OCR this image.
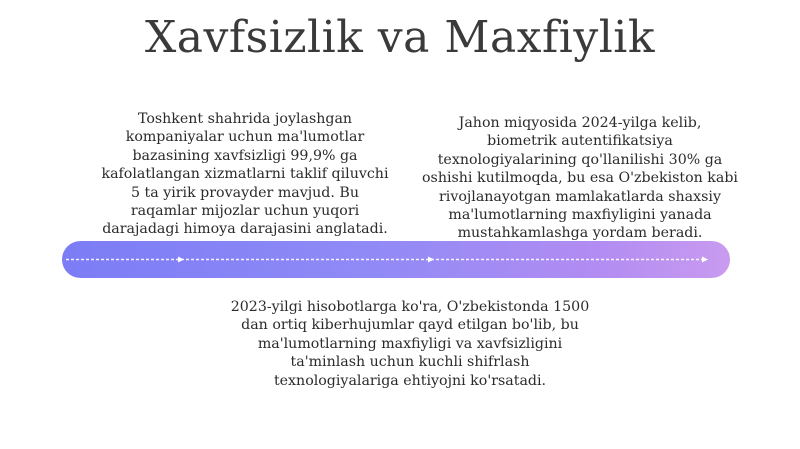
Xavfsizlik va Maxfiylik
Toshkent shahrida joylashgan
kompaniyalar uchun ma'lumotlar
bazasining xavfsizligi 99,9% ga
kafolatlangan xizmatlarni taklif qiluvchi
5 ta yirik provayder mavjud. Bu
raqamlar mijozlar uchun yuqori
darajadagi himoya darajasini anglatadi.
Jahon miqyosida 2024-yilga kelib,
biometrik autentifikatsiya
texnologiyalarining qo'llanilishi 30% ga
oshishi kutilmoqda, bu esa O'zbekiston kabi
rivojlanayotgan mamlakatlarda shaxsiy
ma'lumotlarning maxfiyligini yanada
mustahkamlashga yordam beradi.
2023-yilgi hisobotlarga ko'ra, O'zbekistonda 1500
dan ortiq kiberhujumlar qayd etilgan bo'lib, bu
ma'lumotlarning maxfiyligi va xavfsizligini
ta'minlash uchun kuchli shifrlash
texnologiyalariga ehtiyojni ko'rsatadi.
